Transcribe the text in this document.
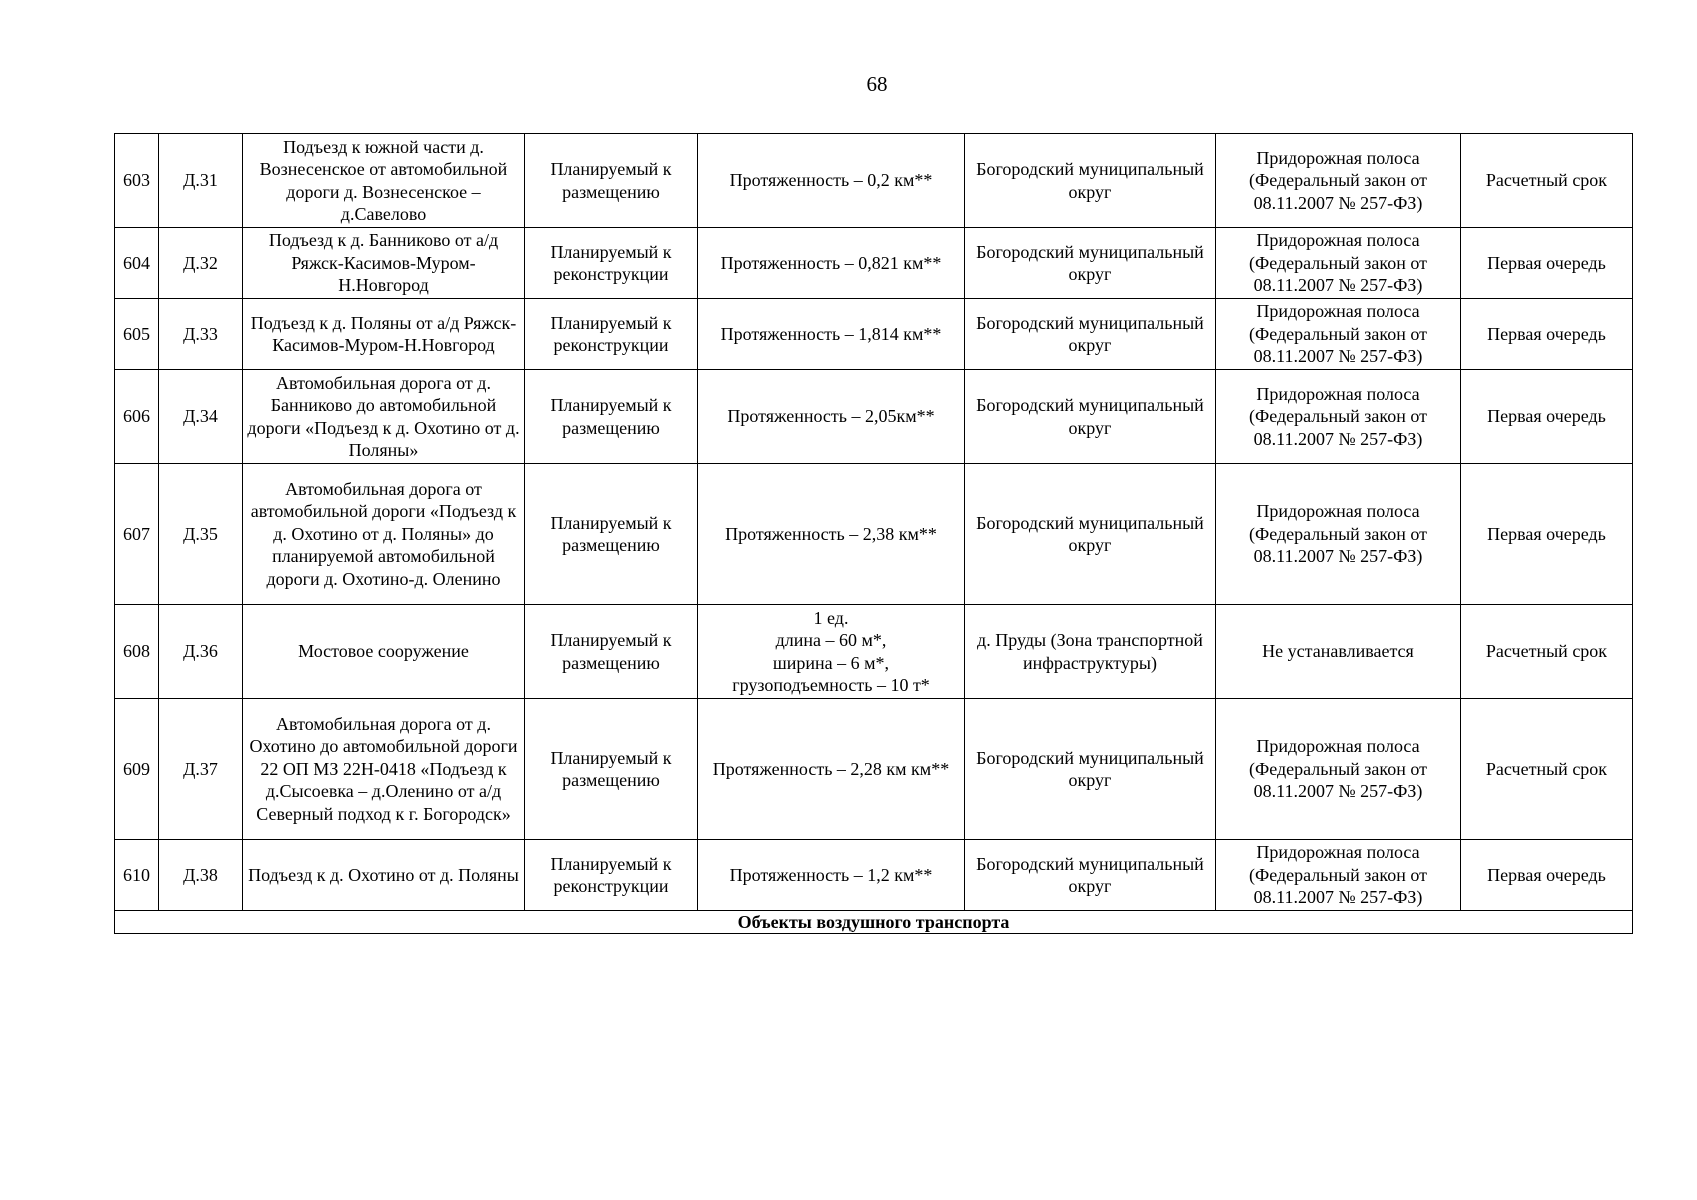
68
603	Д.31	Подъезд к южной части д. Вознесенское от автомобильной дороги д. Вознесенское – д.Савелово	Планируемый к размещению	Протяженность – 0,2 км**	Богородский муниципальный округ	Придорожная полоса (Федеральный закон от 08.11.2007 № 257-ФЗ)	Расчетный срок
604	Д.32	Подъезд к д. Банниково от а/д Ряжск-Касимов-Муром-Н.Новгород	Планируемый к реконструкции	Протяженность – 0,821 км**	Богородский муниципальный округ	Придорожная полоса (Федеральный закон от 08.11.2007 № 257-ФЗ)	Первая очередь
605	Д.33	Подъезд к д. Поляны от а/д Ряжск-Касимов-Муром-Н.Новгород	Планируемый к реконструкции	Протяженность – 1,814 км**	Богородский муниципальный округ	Придорожная полоса (Федеральный закон от 08.11.2007 № 257-ФЗ)	Первая очередь
606	Д.34	Автомобильная дорога от д. Банниково до автомобильной дороги «Подъезд к д. Охотино от д. Поляны»	Планируемый к размещению	Протяженность – 2,05км**	Богородский муниципальный округ	Придорожная полоса (Федеральный закон от 08.11.2007 № 257-ФЗ)	Первая очередь
607	Д.35	Автомобильная дорога от автомобильной дороги «Подъезд к д. Охотино от д. Поляны» до планируемой автомобильной дороги д. Охотино-д. Оленино	Планируемый к размещению	Протяженность – 2,38 км**	Богородский муниципальный округ	Придорожная полоса (Федеральный закон от 08.11.2007 № 257-ФЗ)	Первая очередь
608	Д.36	Мостовое сооружение	Планируемый к размещению	1 ед.
длина – 60 м*,
ширина – 6 м*,
грузоподъемность – 10 т*	д. Пруды (Зона транспортной инфраструктуры)	Не устанавливается	Расчетный срок
609	Д.37	Автомобильная дорога от д. Охотино до автомобильной дороги 22 ОП МЗ 22Н-0418 «Подъезд к д.Сысоевка – д.Оленино от а/д Северный подход к г. Богородск»	Планируемый к размещению	Протяженность – 2,28 км км**	Богородский муниципальный округ	Придорожная полоса (Федеральный закон от 08.11.2007 № 257-ФЗ)	Расчетный срок
610	Д.38	Подъезд к д. Охотино от д. Поляны	Планируемый к реконструкции	Протяженность – 1,2 км**	Богородский муниципальный округ	Придорожная полоса (Федеральный закон от 08.11.2007 № 257-ФЗ)	Первая очередь
Объекты воздушного транспорта							
